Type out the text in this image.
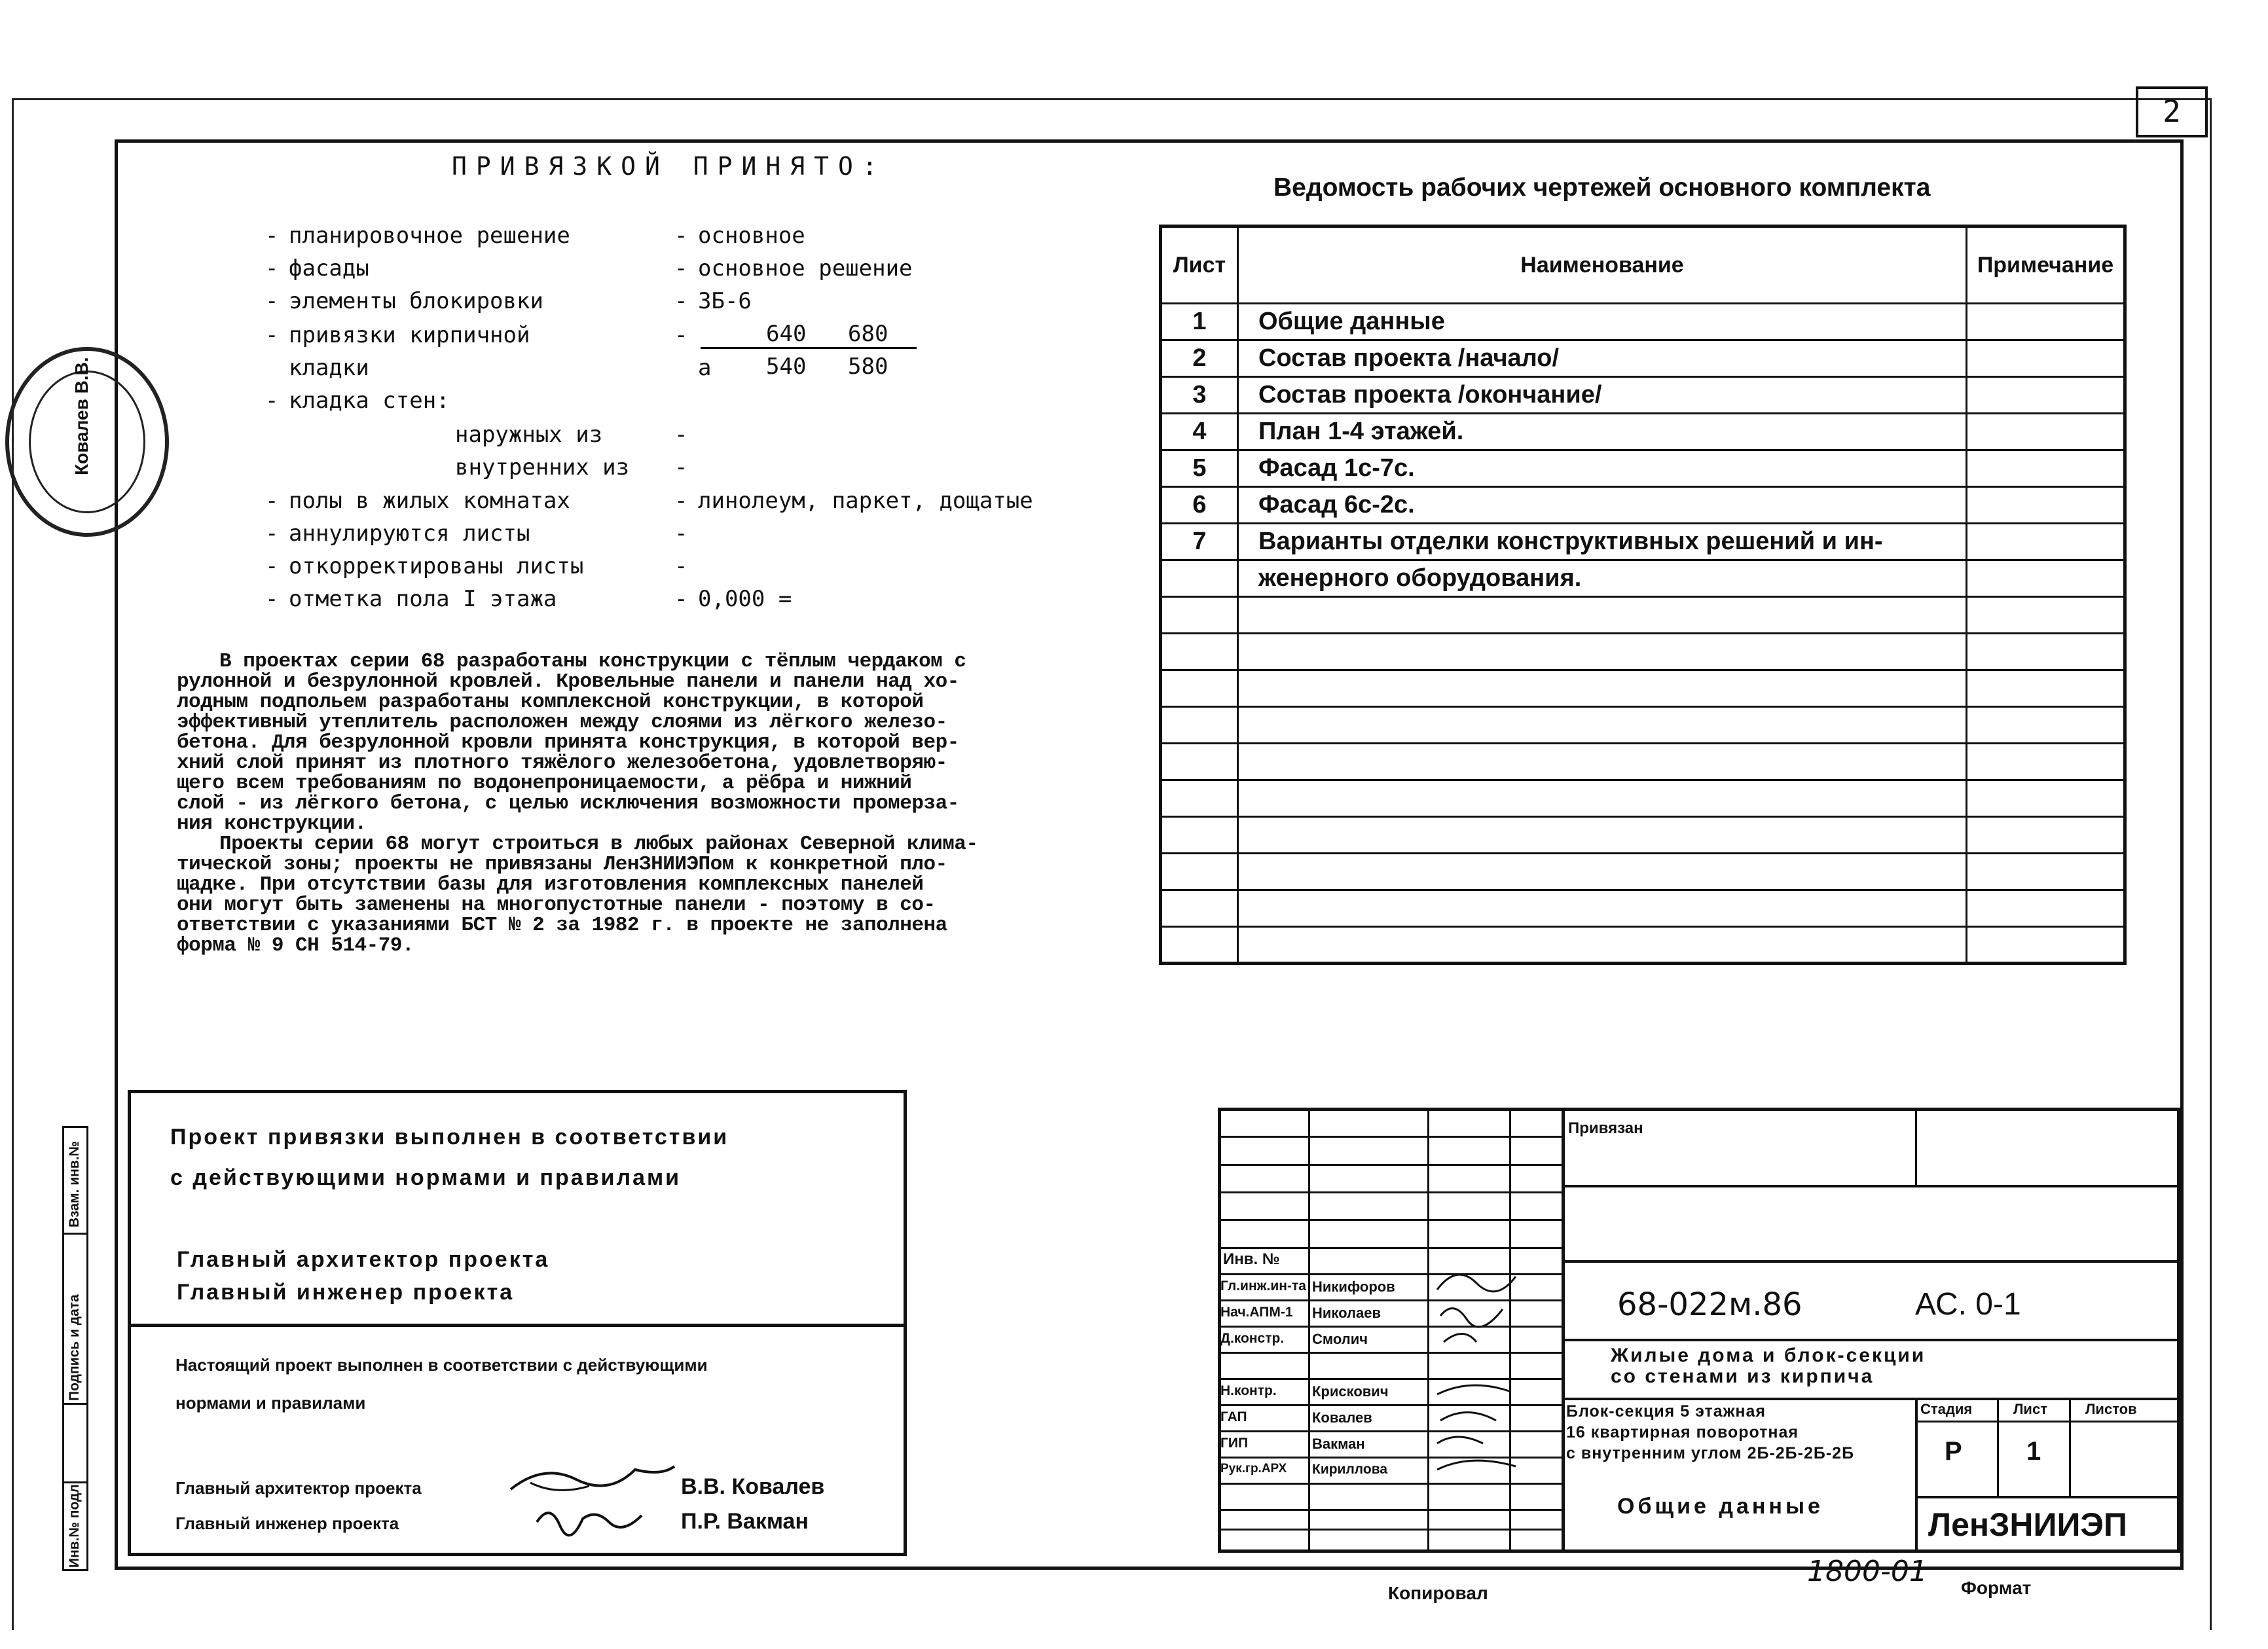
2
Ковалев В.В.
ПРИВЯЗКОЙ ПРИНЯТО:
- планировочное решение	- основное
- фасады	- основное решение
- элементы блокировки	- 3Б-6
- привязки кирпичной	-	640 680
кладки	а 540 580
- кладка стен:
наружных из	-
внутренних из -
- полы в жилых комнатах	- линолеум, паркет, дощатые
- аннулируются листы	-
- откорректированы листы	-
- отметка пола I этажа	- 0,000 =

В проектах серии 68 разработаны конструкции с тёплым чердаком с
рулонной и безрулонной кровлей. Кровельные панели и панели над хо-
лодным подпольем разработаны комплексной конструкции, в которой
эффективный утеплитель расположен между слоями из лёгкого железо-
бетона. Для безрулонной кровли принята конструкция, в которой вер-
хний слой принят из плотного тяжёлого железобетона, удовлетворяю-
щего всем требованиям по водонепроницаемости, а рёбра и нижний
слой - из лёгкого бетона, с целью исключения возможности промерза-
ния конструкции.

Проекты серии 68 могут строиться в любых районах Северной клима-
тической зоны; проекты не привязаны ЛенЗНИИЭПом к конкретной пло-
щадке. При отсутствии базы для изготовления комплексных панелей
они могут быть заменены на многопустотные панели - поэтому в со-
ответствии с указаниями БСТ № 2 за 1982 г. в проекте не заполнена
форма № 9 СН 514-79.

Ведомость рабочих чертежей основного комплекта
Лист	Наименование	Примечание
1	Общие данные	
2	Состав проекта /начало/	
3	Состав проекта /окончание/	
4	План 1-4 этажей.	
5	Фасад 1с-7с.	
6	Фасад 6с-2с.	
7	Варианты отделки конструктивных решений и ин-	
	женерного оборудования.	

Инв.№ подл.
Подпись и дата
Взам. инв.№
Проект привязки выполнен в соответствии
с действующими нормами и правилами
Главный архитектор проекта
Главный инженер проекта
Настоящий проект выполнен в соответствии с действующими
нормами и правилами
Главный архитектор проекта	В.В. Ковалев
Главный инженер проекта	П.Р. Вакман
Привязан
Инв. №
Гл.инж.ин-та Никифоров
Нач.АПМ-1 Николаев
Д.констр. Смолич
Н.контр. Крискович
ГАП	Ковалев
ГИП	Вакман
Рук.гр.АРХ Кириллова
68-022м.86	АС. 0-1
Жилые дома и блок-секции
со стенами из кирпича
Блок-секция 5 этажная
16 квартирная поворотная
с внутренним углом 2Б-2Б-2Б-2Б
Стадия	Лист	Листов
Р 1
Общие данные	ЛенЗНИИЭП
Копировал	Формат
1800-01
